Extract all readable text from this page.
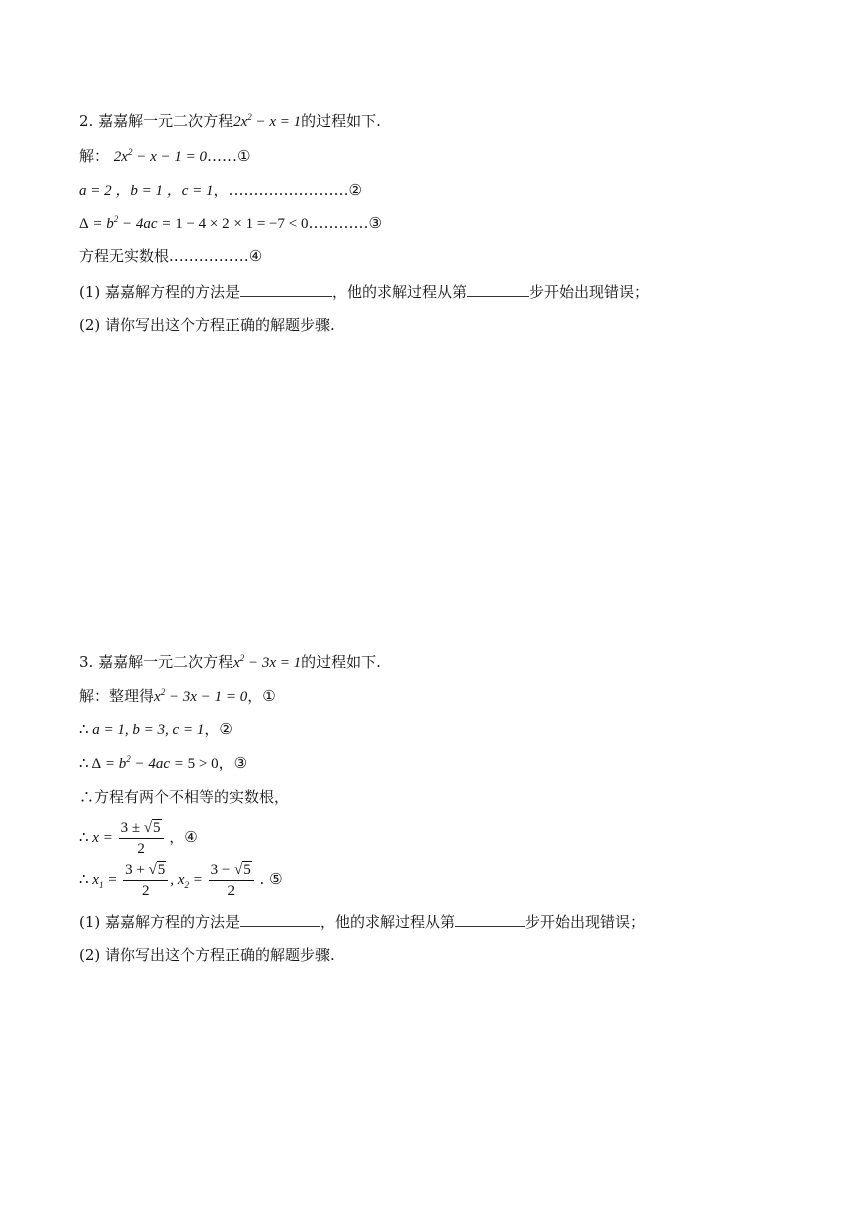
2. 嘉嘉解一元二次方程$2x^2 - x = 1$的过程如下.
解： $2x^2 - x - 1$ = 0……①
a = 2 ，b = 1 ，c = 1，……………………②
$\Delta = b^2 - 4ac = 1 - 4 \times 2 \times 1 = -7$ < 0…………③
方程无实数根.……………④
(1) 嘉嘉解方程的方法是	，他的求解过程从第	步开始出现错误；
(2) 请你写出这个方程正确的解题步骤.
3. 嘉嘉解一元二次方程$x^2 - 3x = 1$的过程如下.
解：整理得$x^2 - 3x - 1 = 0$，①
∴ a = 1, b = 3, c = 1，②
∴ $\Delta = b^2 - 4ac = 5 > 0$，③
∴方程有两个不相等的实数根，
∴ $x = \frac{3 \pm √5}{2}$ ，④
∴ $x_1 = \frac{3 + √5}{2}$ , $x_2 = \frac{3 - √5}{2}$ . ⑤
(1) 嘉嘉解方程的方法是	，他的求解过程从第	步开始出现错误；
(2) 请你写出这个方程正确的解题步骤.
